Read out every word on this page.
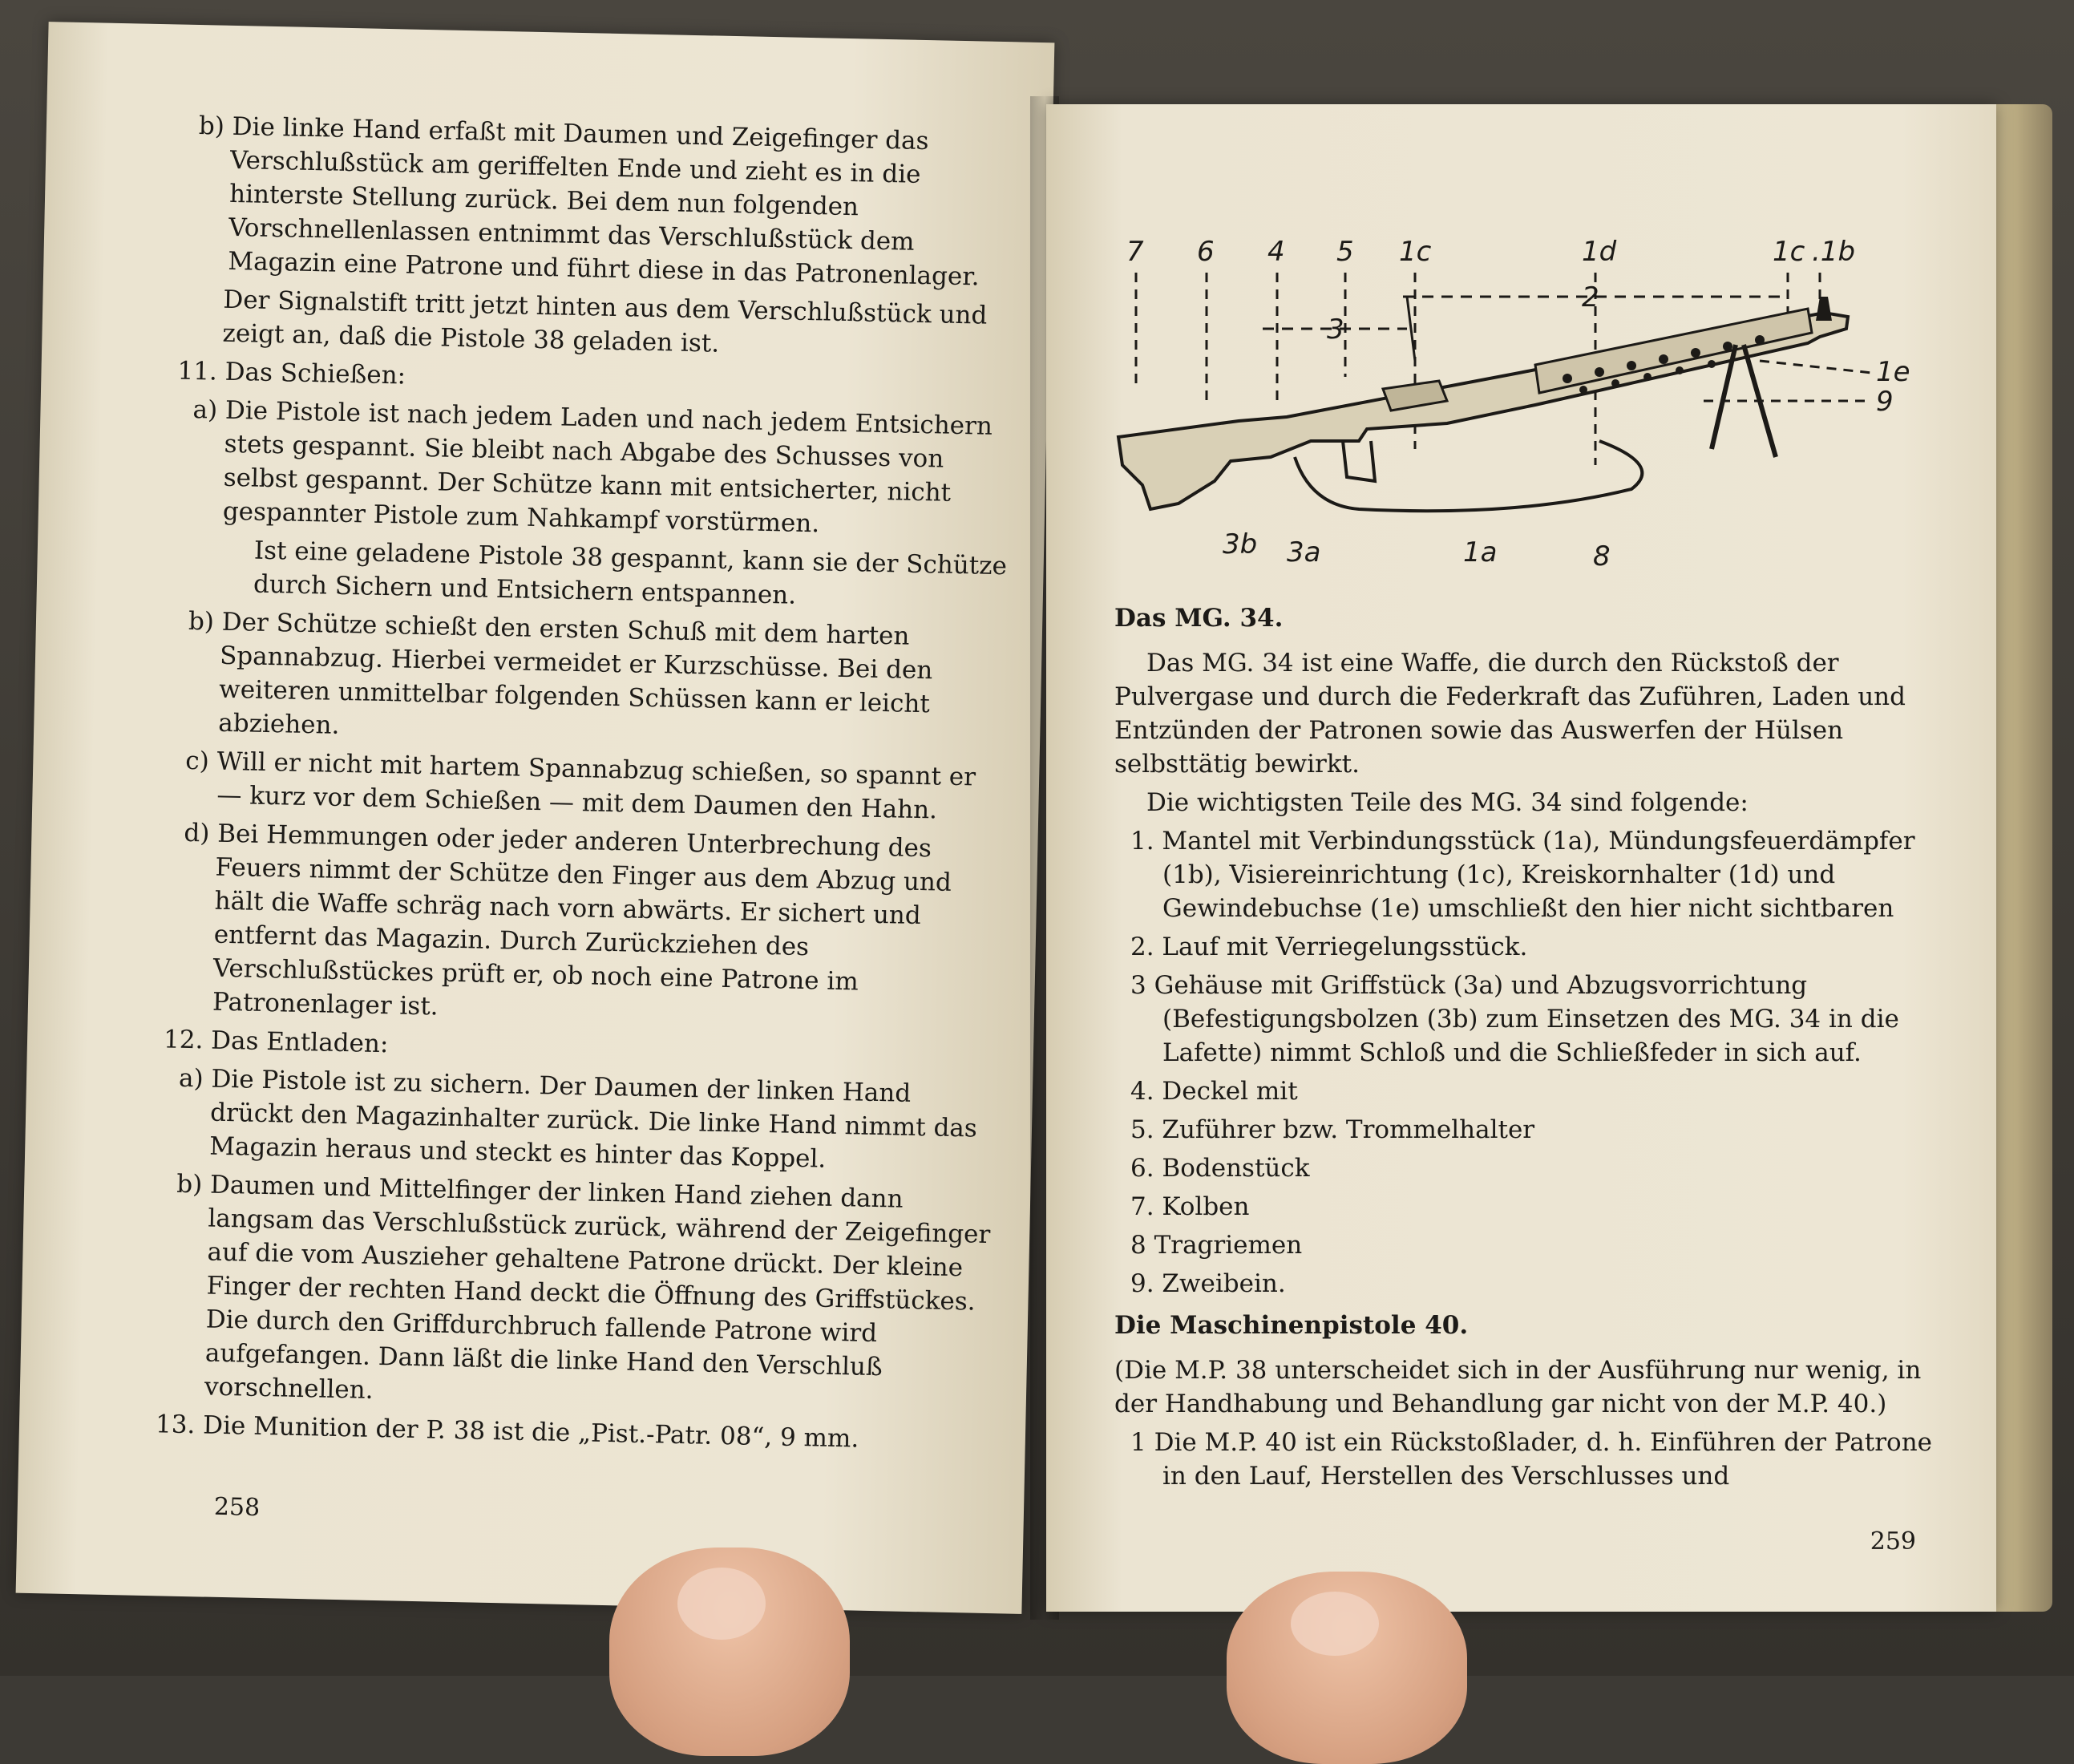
b) Die linke Hand erfaßt mit Daumen und Zeigefinger das Verschlußstück am geriffelten Ende und zieht es in die hinterste Stellung zurück. Bei dem nun folgenden Vorschnellenlassen entnimmt das Verschlußstück dem Magazin eine Patrone und führt diese in das Patronenlager.

Der Signalstift tritt jetzt hinten aus dem Verschlußstück und zeigt an, daß die Pistole 38 geladen ist.

11. Das Schießen:

a) Die Pistole ist nach jedem Laden und nach jedem Entsichern stets gespannt. Sie bleibt nach Abgabe des Schusses von selbst gespannt. Der Schütze kann mit entsicherter, nicht gespannter Pistole zum Nahkampf vorstürmen.

Ist eine geladene Pistole 38 gespannt, kann sie der Schütze durch Sichern und Entsichern entspannen.

b) Der Schütze schießt den ersten Schuß mit dem harten Spannabzug. Hierbei vermeidet er Kurzschüsse. Bei den weiteren unmittelbar folgenden Schüssen kann er leicht abziehen.

c) Will er nicht mit hartem Spannabzug schießen, so spannt er — kurz vor dem Schießen — mit dem Daumen den Hahn.

d) Bei Hemmungen oder jeder anderen Unterbrechung des Feuers nimmt der Schütze den Finger aus dem Abzug und hält die Waffe schräg nach vorn abwärts. Er sichert und entfernt das Magazin. Durch Zurückziehen des Verschlußstückes prüft er, ob noch eine Patrone im Patronenlager ist.

12. Das Entladen:

a) Die Pistole ist zu sichern. Der Daumen der linken Hand drückt den Magazinhalter zurück. Die linke Hand nimmt das Magazin heraus und steckt es hinter das Koppel.

b) Daumen und Mittelfinger der linken Hand ziehen dann langsam das Verschlußstück zurück, während der Zeigefinger auf die vom Auszieher gehaltene Patrone drückt. Der kleine Finger der rechten Hand deckt die Öffnung des Griffstückes. Die durch den Griffdurchbruch fallende Patrone wird aufgefangen. Dann läßt die linke Hand den Verschluß vorschnellen.

13. Die Munition der P. 38 ist die „Pist.-Patr. 08“, 9 mm.

258
7 6 4 5 1c	1d	1c .1b
2
3
1e
9
3b 3a	1a	8

Das MG. 34.

Das MG. 34 ist eine Waffe, die durch den Rückstoß der Pulvergase und durch die Federkraft das Zuführen, Laden und Entzünden der Patronen sowie das Auswerfen der Hülsen selbsttätig bewirkt.

Die wichtigsten Teile des MG. 34 sind folgende:

1. Mantel mit Verbindungsstück (1a), Mündungsfeuerdämpfer (1b), Visiereinrichtung (1c), Kreiskornhalter (1d) und Gewindebuchse (1e) umschließt den hier nicht sichtbaren

2. Lauf mit Verriegelungsstück.

3 Gehäuse mit Griffstück (3a) und Abzugsvorrichtung (Befestigungsbolzen (3b) zum Einsetzen des MG. 34 in die Lafette) nimmt Schloß und die Schließfeder in sich auf.

4. Deckel mit

5. Zuführer bzw. Trommelhalter

6. Bodenstück

7. Kolben

8 Tragriemen

9. Zweibein.

Die Maschinenpistole 40.

(Die M.P. 38 unterscheidet sich in der Ausführung nur wenig, in der Handhabung und Behandlung gar nicht von der M.P. 40.)

1 Die M.P. 40 ist ein Rückstoßlader, d. h. Einführen der Patrone in den Lauf, Herstellen des Verschlusses und

259
